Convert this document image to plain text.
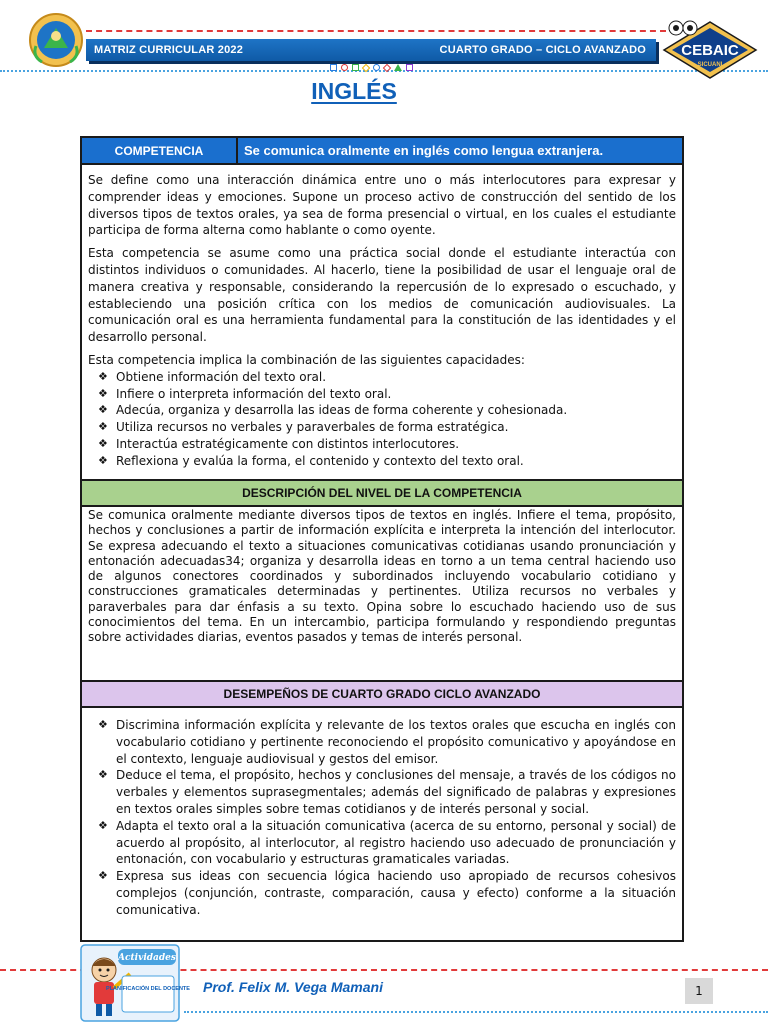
MATRIZ CURRICULAR 2022	CUARTO GRADO – CICLO AVANZADO CEBAIC
SICUANI
INGLÉS
COMPETENCIA	Se comunica oralmente en inglés como lengua extranjera.

Se define como una interacción dinámica entre uno o más interlocutores para expresar y comprender ideas y emociones. Supone un proceso activo de construcción del sentido de los diversos tipos de textos orales, ya sea de forma presencial o virtual, en los cuales el estudiante participa de forma alterna como hablante o como oyente.

Esta competencia se asume como una práctica social donde el estudiante interactúa con distintos individuos o comunidades. Al hacerlo, tiene la posibilidad de usar el lenguaje oral de manera creativa y responsable, considerando la repercusión de lo expresado o escuchado, y estableciendo una posición crítica con los medios de comunicación audiovisuales. La comunicación oral es una herramienta fundamental para la constitución de las identidades y el desarrollo personal.

Esta competencia implica la combinación de las siguientes capacidades:

❖ Obtiene información del texto oral.
❖ Infiere o interpreta información del texto oral.
❖ Adecúa, organiza y desarrolla las ideas de forma coherente y cohesionada.
❖ Utiliza recursos no verbales y paraverbales de forma estratégica.
❖ Interactúa estratégicamente con distintos interlocutores.
❖ Reflexiona y evalúa la forma, el contenido y contexto del texto oral.
DESCRIPCIÓN DEL NIVEL DE LA COMPETENCIA

Se comunica oralmente mediante diversos tipos de textos en inglés. Infiere el tema, propósito, hechos y conclusiones a partir de información explícita e interpreta la intención del interlocutor. Se expresa adecuando el texto a situaciones comunicativas cotidianas usando pronunciación y entonación adecuadas34; organiza y desarrolla ideas en torno a un tema central haciendo uso de algunos conectores coordinados y subordinados incluyendo vocabulario cotidiano y construcciones gramaticales determinadas y pertinentes. Utiliza recursos no verbales y paraverbales para dar énfasis a su texto. Opina sobre lo escuchado haciendo uso de sus conocimientos del tema. En un intercambio, participa formulando y respondiendo preguntas sobre actividades diarias, eventos pasados y temas de interés personal.

DESEMPEÑOS DE CUARTO GRADO CICLO AVANZADO
❖ Discrimina información explícita y relevante de los textos orales que escucha en inglés con vocabulario cotidiano y pertinente reconociendo el propósito comunicativo y apoyándose en el contexto, lenguaje audiovisual y gestos del emisor.
❖ Deduce el tema, el propósito, hechos y conclusiones del mensaje, a través de los códigos no verbales y elementos suprasegmentales; además del significado de palabras y expresiones en textos orales simples sobre temas cotidianos y de interés personal y social.
❖ Adapta el texto oral a la situación comunicativa (acerca de su entorno, personal y social) de acuerdo al propósito, al interlocutor, al registro haciendo uso adecuado de pronunciación y entonación, con vocabulario y estructuras gramaticales variadas.
❖ Expresa sus ideas con secuencia lógica haciendo uso apropiado de recursos cohesivos complejos (conjunción, contraste, comparación, causa y efecto) conforme a la situación comunicativa.
Actividades
PLANIFICACIÓN DEL DOCENTE Prof. Felix M. Vega Mamani	1
